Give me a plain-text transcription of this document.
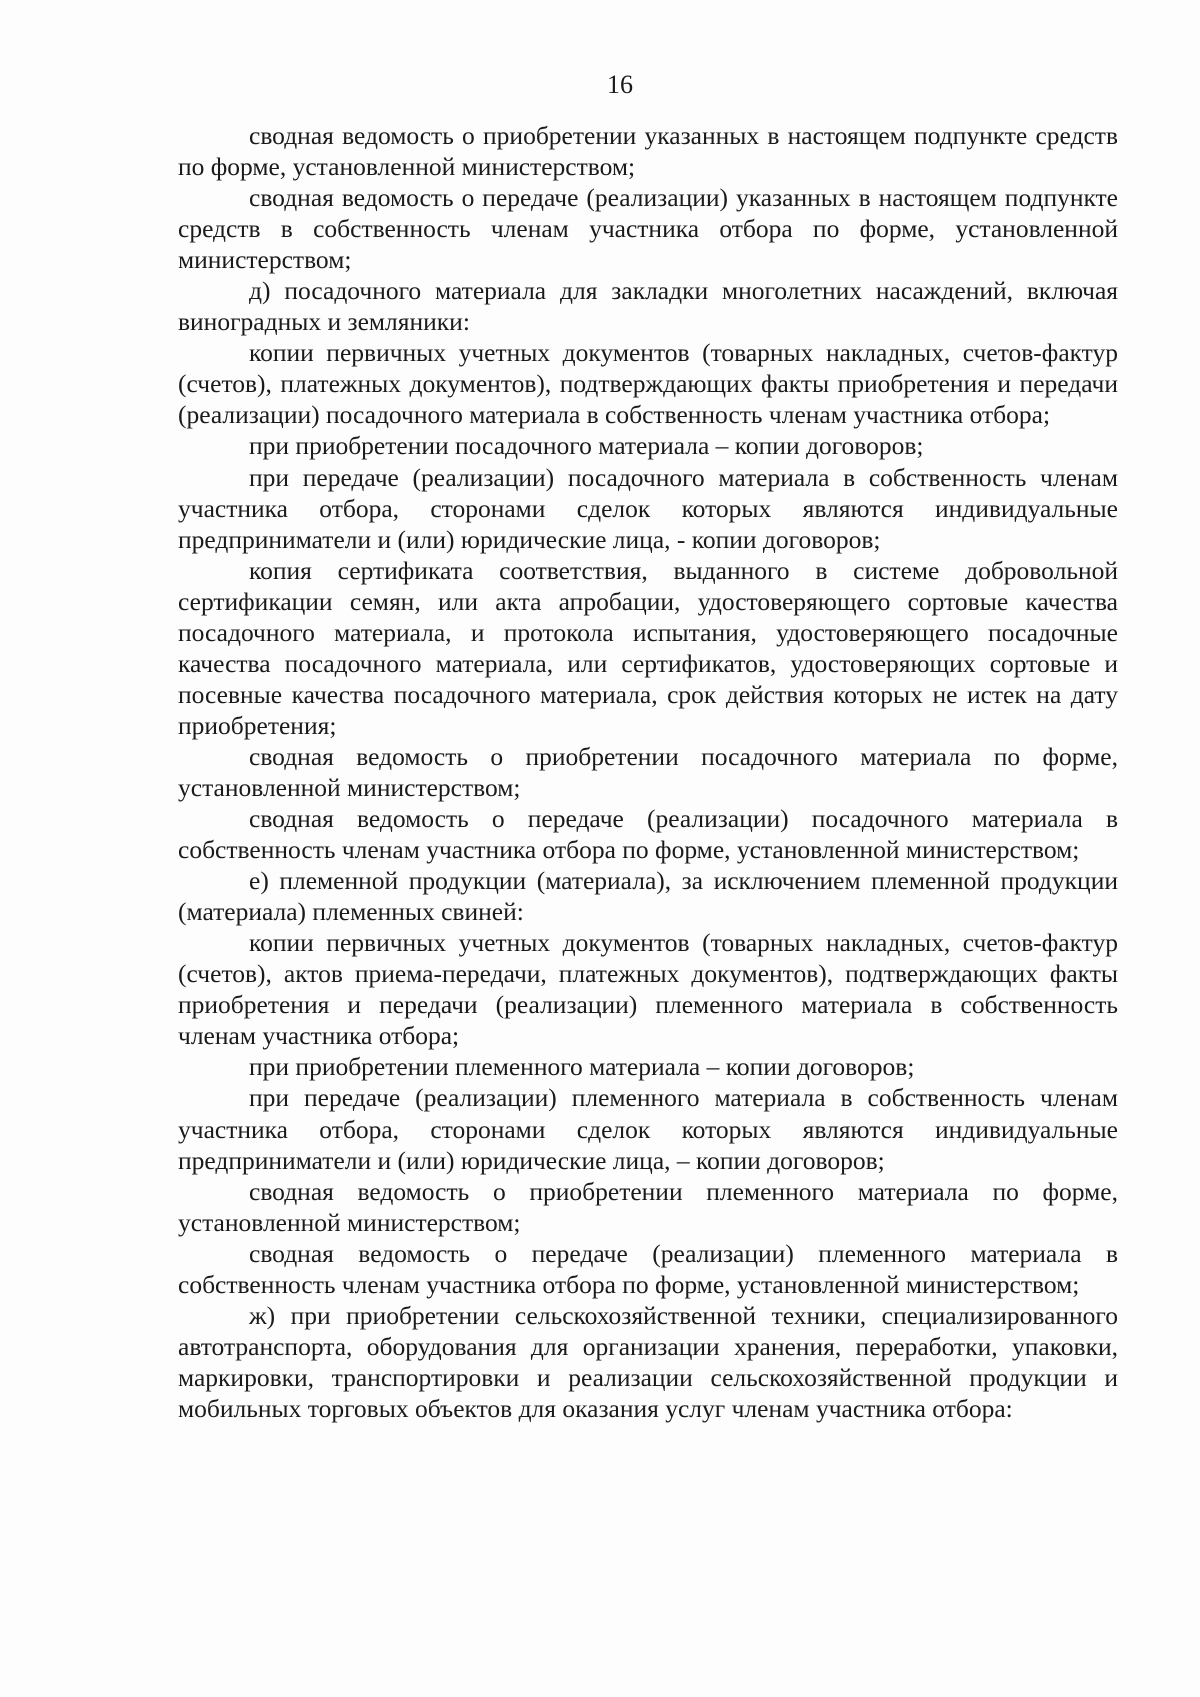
16

сводная ведомость о приобретении указанных в настоящем подпункте средств по форме, установленной министерством;

сводная ведомость о передаче (реализации) указанных в настоящем подпункте средств в собственность членам участника отбора по форме, установленной министерством;

д) посадочного материала для закладки многолетних насаждений, включая виноградных и земляники:

копии первичных учетных документов (товарных накладных, счетов-фактур (счетов), платежных документов), подтверждающих факты приобретения и передачи (реализации) посадочного материала в собственность членам участника отбора;

при приобретении посадочного материала – копии договоров;

при передаче (реализации) посадочного материала в собственность членам участника отбора, сторонами сделок которых являются индивидуальные предприниматели и (или) юридические лица, - копии договоров;

копия сертификата соответствия, выданного в системе добровольной сертификации семян, или акта апробации, удостоверяющего сортовые качества посадочного материала, и протокола испытания, удостоверяющего посадочные качества посадочного материала, или сертификатов, удостоверяющих сортовые и посевные качества посадочного материала, срок действия которых не истек на дату приобретения;

сводная ведомость о приобретении посадочного материала по форме, установленной министерством;

сводная ведомость о передаче (реализации) посадочного материала в собственность членам участника отбора по форме, установленной министерством;

е) племенной продукции (материала), за исключением племенной продукции (материала) племенных свиней:

копии первичных учетных документов (товарных накладных, счетов-фактур (счетов), актов приема-передачи, платежных документов), подтверждающих факты приобретения и передачи (реализации) племенного материала в собственность членам участника отбора;

при приобретении племенного материала – копии договоров;

при передаче (реализации) племенного материала в собственность членам участника отбора, сторонами сделок которых являются индивидуальные предприниматели и (или) юридические лица, – копии договоров;

сводная ведомость о приобретении племенного материала по форме, установленной министерством;

сводная ведомость о передаче (реализации) племенного материала в собственность членам участника отбора по форме, установленной министерством;

ж) при приобретении сельскохозяйственной техники, специализированного автотранспорта, оборудования для организации хранения, переработки, упаковки, маркировки, транспортировки и реализации сельскохозяйственной продукции и мобильных торговых объектов для оказания услуг членам участника отбора:
